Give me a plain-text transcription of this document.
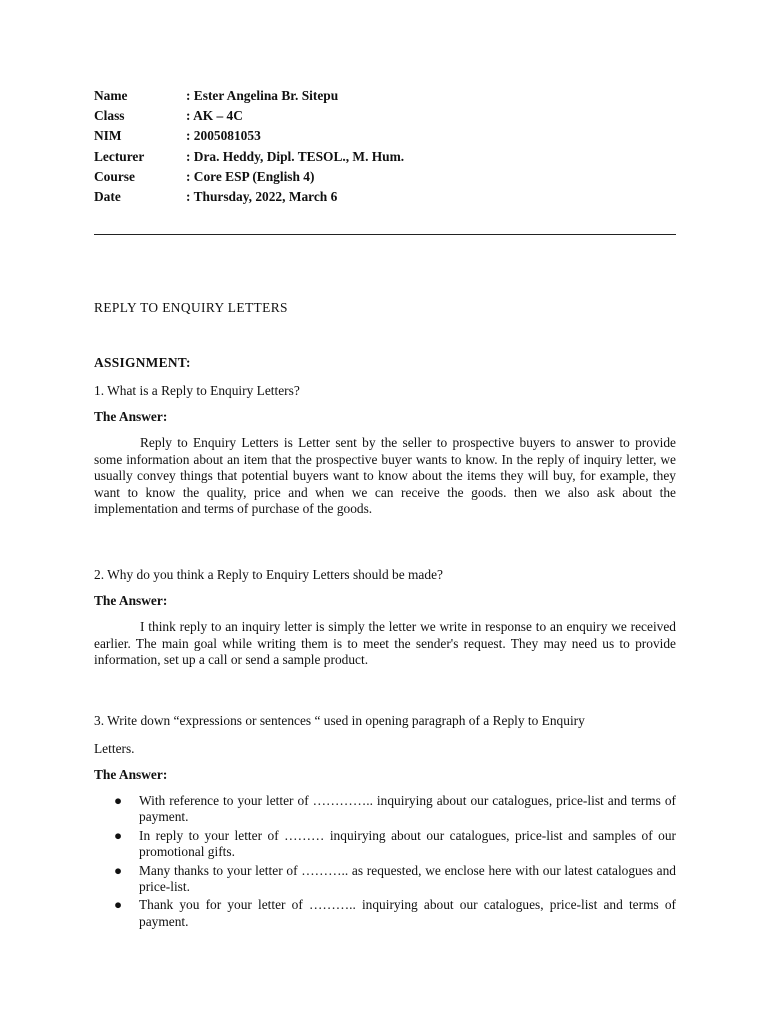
Name	: Ester Angelina Br. Sitepu
Class	: AK – 4C
NIM	: 2005081053
Lecturer	: Dra. Heddy, Dipl. TESOL., M. Hum.
Course	: Core ESP (English 4)
Date	: Thursday, 2022, March 6
REPLY TO ENQUIRY LETTERS
ASSIGNMENT:

1. What is a Reply to Enquiry Letters?

The Answer:

Reply to Enquiry Letters is Letter sent by the seller to prospective buyers to answer to provide some information about an item that the prospective buyer wants to know. In the reply of inquiry letter, we usually convey things that potential buyers want to know about the items they will buy, for example, they want to know the quality, price and when we can receive the goods. then we also ask about the implementation and terms of purchase of the goods.

2. Why do you think a Reply to Enquiry Letters should be made?

The Answer:

I think reply to an inquiry letter is simply the letter we write in response to an enquiry we received earlier. The main goal while writing them is to meet the sender's request. They may need us to provide information, set up a call or send a sample product.

3. Write down “expressions or sentences “ used in opening paragraph of a Reply to Enquiry

Letters.

The Answer:

● With reference to your letter of ………….. inquirying about our catalogues, price-list and terms of payment.
● In reply to your letter of ……… inquirying about our catalogues, price-list and samples of our promotional gifts.
● Many thanks to your letter of ……….. as requested, we enclose here with our latest catalogues and price-list.
● Thank you for your letter of ……….. inquirying about our catalogues, price-list and terms of payment.
